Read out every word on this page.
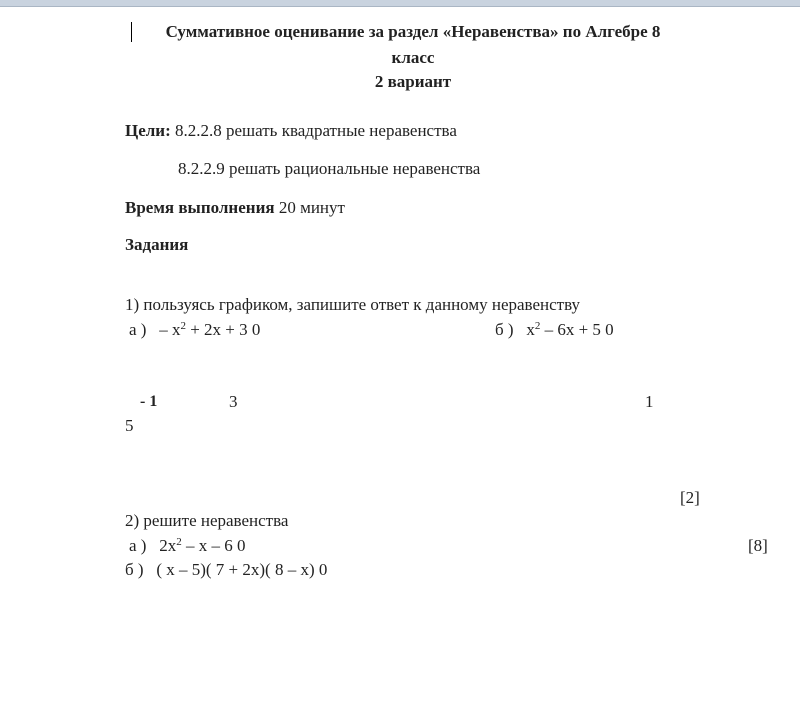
Суммативное оценивание за раздел «Неравенства» по Алгебре 8
класс
2 вариант
Цели: 8.2.2.8 решать квадратные неравенства
8.2.2.9 решать рациональные неравенства
Время выполнения 20 минут
Задания
1) пользуясь графиком, запишите ответ к данному неравенству
а ) – $x^2 + 2x + 3$ 0	б ) $x^2 - 6x + 5$ 0
- 1	3	1
5
[2]
2) решите неравенства
а ) $2x^2$ – x – 6 0	[8]
б ) ( x – 5)( 7 + 2x)( 8 – x) 0
